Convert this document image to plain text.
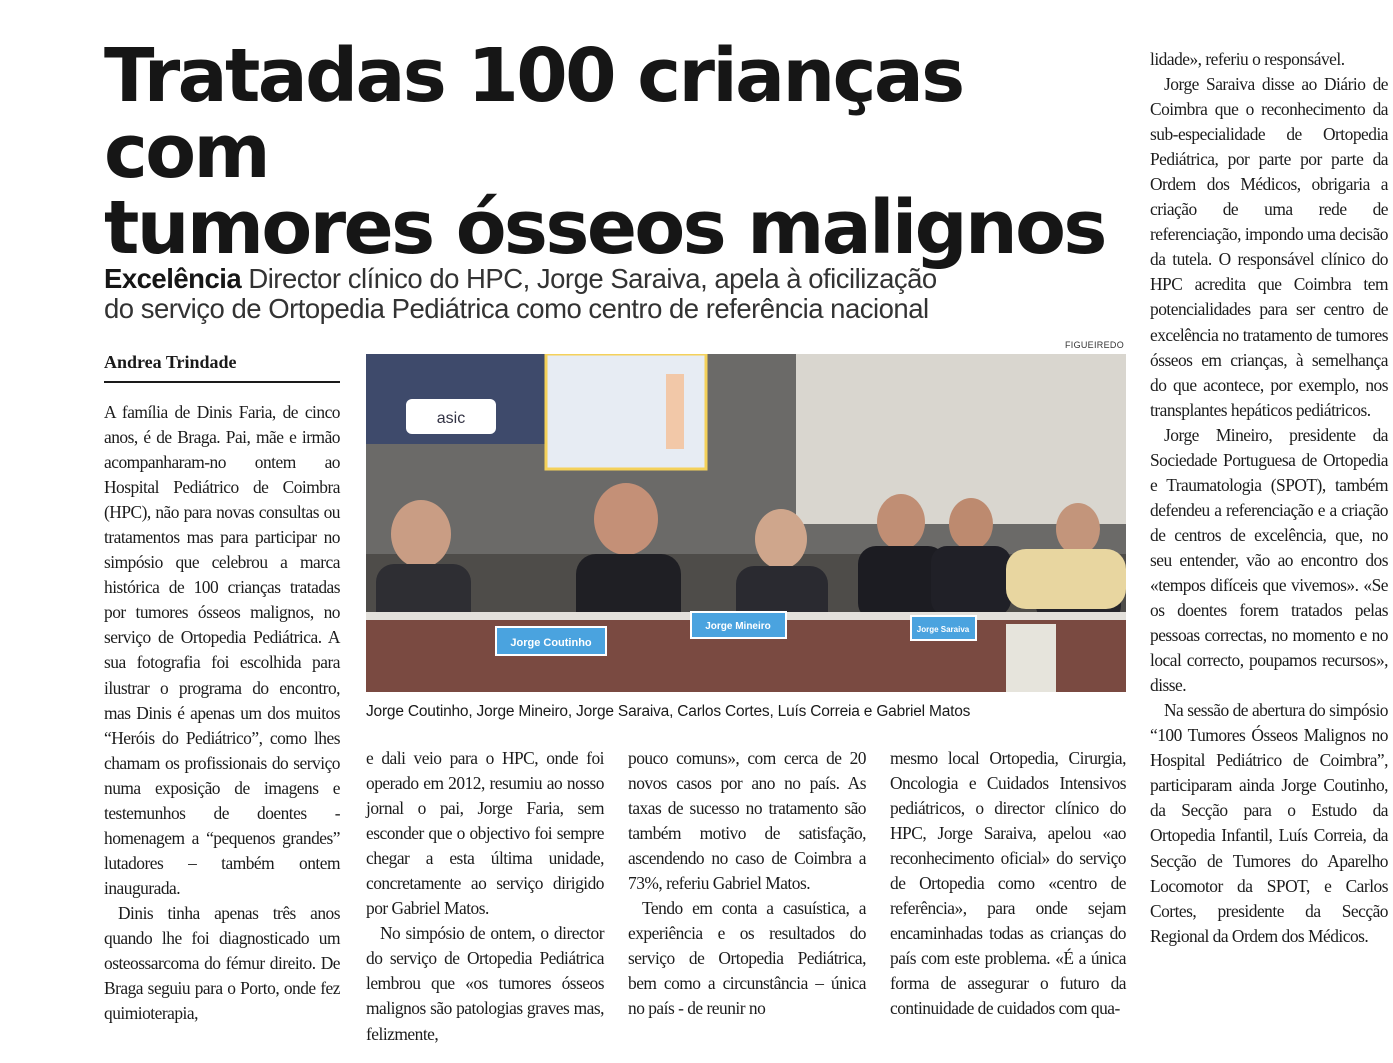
Tratadas 100 crianças com
tumores ósseos malignos
Excelência Director clínico do HPC, Jorge Saraiva, apela à oficilização
do serviço de Ortopedia Pediátrica como centro de referência nacional
Andrea Trindade
FIGUEIREDO

A família de Dinis Faria, de cinco anos, é de Braga. Pai, mãe e irmão acompanharam-no ontem ao Hospital Pediátrico de Coimbra (HPC), não para novas consultas ou tratamentos mas para participar no simpósio que celebrou a marca histórica de 100 crianças tratadas por tumores ósseos malignos, no serviço de Ortopedia Pediátrica. A sua fotografia foi escolhida para ilustrar o programa do encontro, mas Dinis é apenas um dos muitos “Heróis do Pediátrico”, como lhes chamam os profissionais do serviço numa exposição de imagens e testemunhos de doentes - homenagem a “pequenos grandes” lutadores – também ontem inaugurada.

Dinis tinha apenas três anos quando lhe foi diagnosticado um osteossarcoma do fémur direito. De Braga seguiu para o Porto, onde fez quimioterapia,

asic
Jorge Coutinho
Jorge Mineiro	Jorge Saraiva
Jorge Coutinho, Jorge Mineiro, Jorge Saraiva, Carlos Cortes, Luís Correia e Gabriel Matos

e dali veio para o HPC, onde foi operado em 2012, resumiu ao nosso jornal o pai, Jorge Faria, sem esconder que o objectivo foi sempre chegar a esta última unidade, concretamente ao serviço dirigido por Gabriel Matos.

No simpósio de ontem, o director do serviço de Ortopedia Pediátrica lembrou que «os tumores ósseos malignos são patologias graves mas, felizmente,

pouco comuns», com cerca de 20 novos casos por ano no país. As taxas de sucesso no tratamento são também motivo de satisfação, ascendendo no caso de Coimbra a 73%, referiu Gabriel Matos.

Tendo em conta a casuística, a experiência e os resultados do serviço de Ortopedia Pediátrica, bem como a circunstância – única no país - de reunir no

mesmo local Ortopedia, Cirurgia, Oncologia e Cuidados Intensivos pediátricos, o director clínico do HPC, Jorge Saraiva, apelou «ao reconhecimento oficial» do serviço de Ortopedia como «centro de referência», para onde sejam encaminhadas todas as crianças do país com este problema. «É a única forma de assegurar o futuro da continuidade de cuidados com qua-

lidade», referiu o responsável.

Jorge Saraiva disse ao Diário de Coimbra que o reconhecimento da sub-especialidade de Ortopedia Pediátrica, por parte por parte da Ordem dos Médicos, obrigaria a criação de uma rede de referenciação, impondo uma decisão da tutela. O responsável clínico do HPC acredita que Coimbra tem potencialidades para ser centro de excelência no tratamento de tumores ósseos em crianças, à semelhança do que acontece, por exemplo, nos transplantes hepáticos pediátricos.

Jorge Mineiro, presidente da Sociedade Portuguesa de Ortopedia e Traumatologia (SPOT), também defendeu a referenciação e a criação de centros de excelência, que, no seu entender, vão ao encontro dos «tempos difíceis que vivemos». «Se os doentes forem tratados pelas pessoas correctas, no momento e no local correcto, poupamos recursos», disse.

Na sessão de abertura do simpósio “100 Tumores Ósseos Malignos no Hospital Pediátrico de Coimbra”, participaram ainda Jorge Coutinho, da Secção para o Estudo da Ortopedia Infantil, Luís Correia, da Secção de Tumores do Aparelho Locomotor da SPOT, e Carlos Cortes, presidente da Secção Regional da Ordem dos Médicos.
